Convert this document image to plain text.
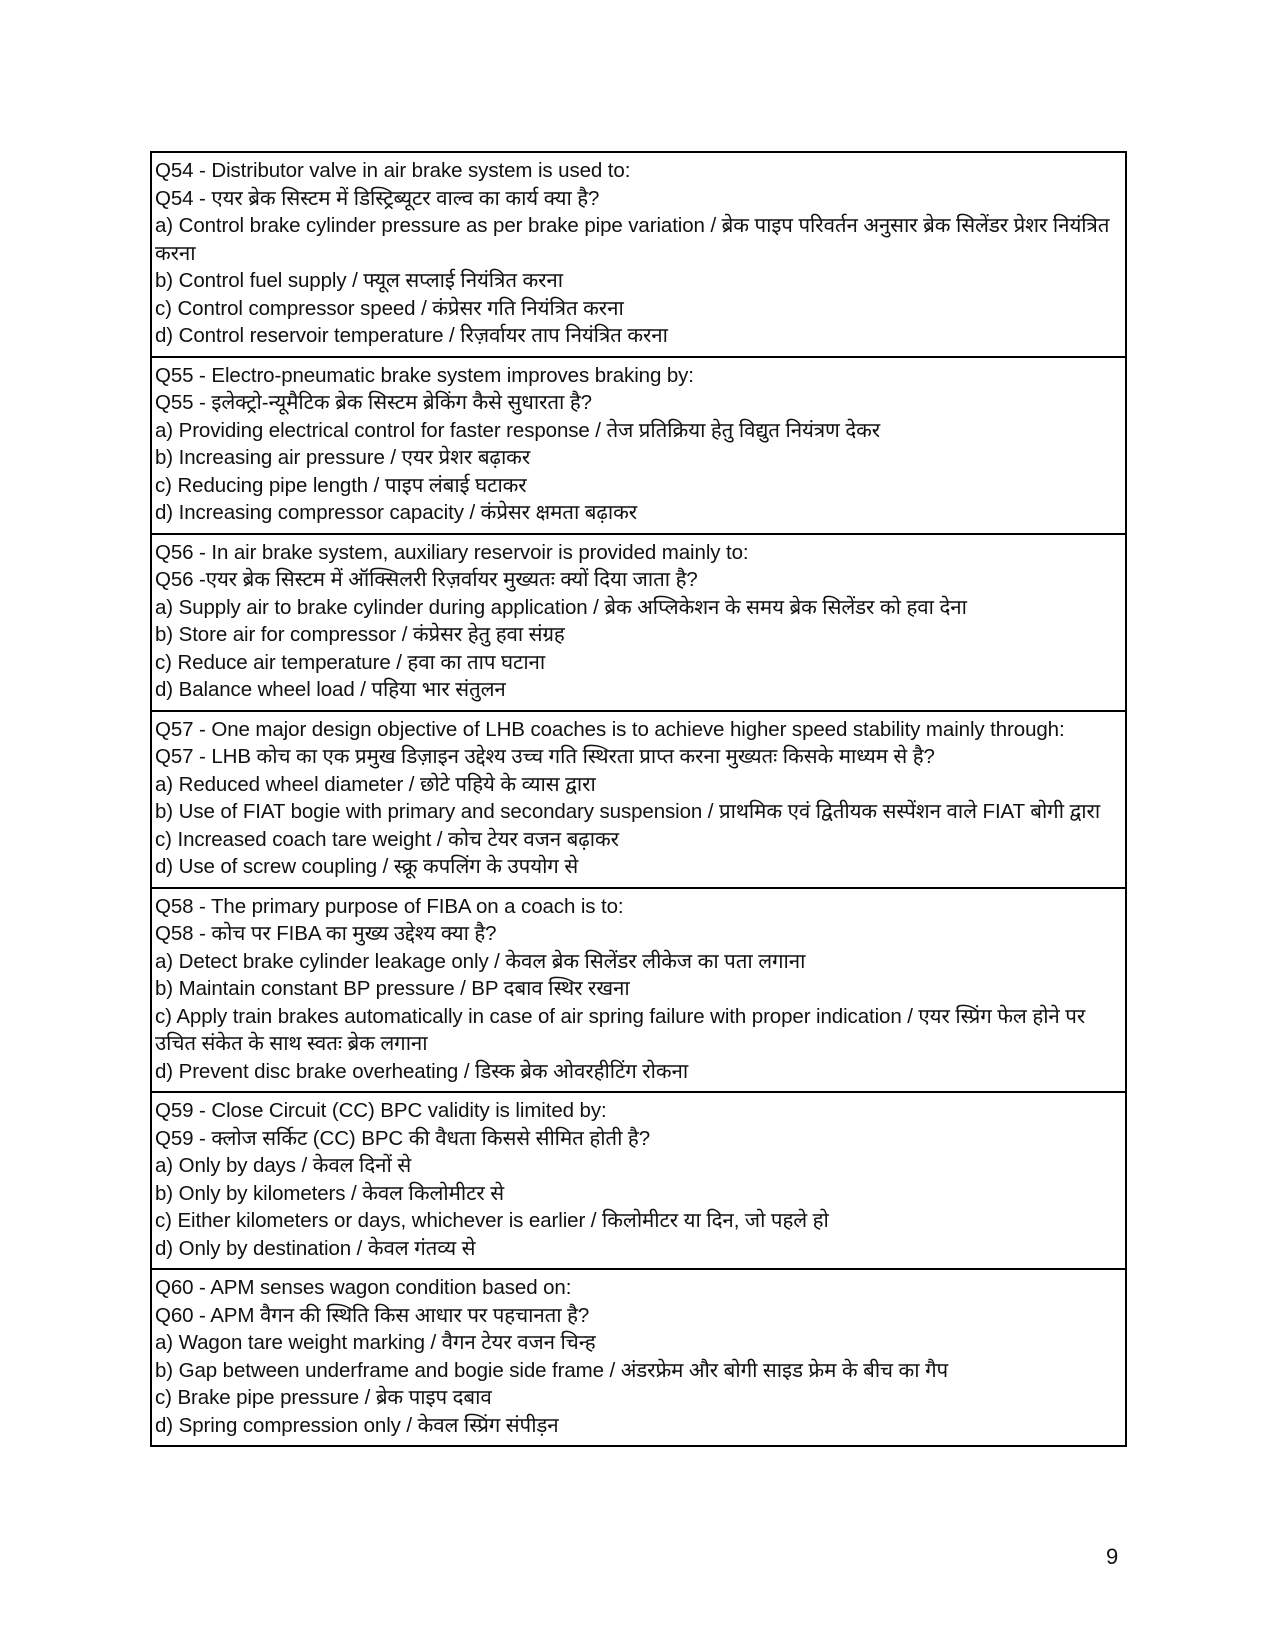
Q54 - Distributor valve in air brake system is used to:
Q54 - एयर ब्रेक सिस्टम में डिस्ट्रिब्यूटर वाल्व का कार्य क्या है?
a) Control brake cylinder pressure as per brake pipe variation / ब्रेक पाइप परिवर्तन अनुसार ब्रेक सिलेंडर प्रेशर नियंत्रित करना
b) Control fuel supply / फ्यूल सप्लाई नियंत्रित करना
c) Control compressor speed / कंप्रेसर गति नियंत्रित करना
d) Control reservoir temperature / रिज़र्वायर ताप नियंत्रित करना

Q55 - Electro-pneumatic brake system improves braking by:
Q55 - इलेक्ट्रो-न्यूमैटिक ब्रेक सिस्टम ब्रेकिंग कैसे सुधारता है?
a) Providing electrical control for faster response / तेज प्रतिक्रिया हेतु विद्युत नियंत्रण देकर
b) Increasing air pressure / एयर प्रेशर बढ़ाकर
c) Reducing pipe length / पाइप लंबाई घटाकर
d) Increasing compressor capacity / कंप्रेसर क्षमता बढ़ाकर

Q56 - In air brake system, auxiliary reservoir is provided mainly to:
Q56 -एयर ब्रेक सिस्टम में ऑक्सिलरी रिज़र्वायर मुख्यतः क्यों दिया जाता है?
a) Supply air to brake cylinder during application / ब्रेक अप्लिकेशन के समय ब्रेक सिलेंडर को हवा देना
b) Store air for compressor / कंप्रेसर हेतु हवा संग्रह
c) Reduce air temperature / हवा का ताप घटाना
d) Balance wheel load / पहिया भार संतुलन

Q57 - One major design objective of LHB coaches is to achieve higher speed stability mainly through:
Q57 - LHB कोच का एक प्रमुख डिज़ाइन उद्देश्य उच्च गति स्थिरता प्राप्त करना मुख्यतः किसके माध्यम से है?
a) Reduced wheel diameter / छोटे पहिये के व्यास द्वारा
b) Use of FIAT bogie with primary and secondary suspension / प्राथमिक एवं द्वितीयक सस्पेंशन वाले FIAT बोगी द्वारा
c) Increased coach tare weight / कोच टेयर वजन बढ़ाकर
d) Use of screw coupling / स्क्रू कपलिंग के उपयोग से

Q58 - The primary purpose of FIBA on a coach is to:
Q58 - कोच पर FIBA का मुख्य उद्देश्य क्या है?
a) Detect brake cylinder leakage only / केवल ब्रेक सिलेंडर लीकेज का पता लगाना
b) Maintain constant BP pressure / BP दबाव स्थिर रखना
c) Apply train brakes automatically in case of air spring failure with proper indication / एयर स्प्रिंग फेल होने पर उचित संकेत के साथ स्वतः ब्रेक लगाना
d) Prevent disc brake overheating / डिस्क ब्रेक ओवरहीटिंग रोकना

Q59 - Close Circuit (CC) BPC validity is limited by:
Q59 - क्लोज सर्किट (CC) BPC की वैधता किससे सीमित होती है?
a) Only by days / केवल दिनों से
b) Only by kilometers / केवल किलोमीटर से
c) Either kilometers or days, whichever is earlier / किलोमीटर या दिन, जो पहले हो
d) Only by destination / केवल गंतव्य से

Q60 - APM senses wagon condition based on:
Q60 - APM वैगन की स्थिति किस आधार पर पहचानता है?
a) Wagon tare weight marking / वैगन टेयर वजन चिन्ह
b) Gap between underframe and bogie side frame / अंडरफ्रेम और बोगी साइड फ्रेम के बीच का गैप
c) Brake pipe pressure / ब्रेक पाइप दबाव
d) Spring compression only / केवल स्प्रिंग संपीड़न
9
